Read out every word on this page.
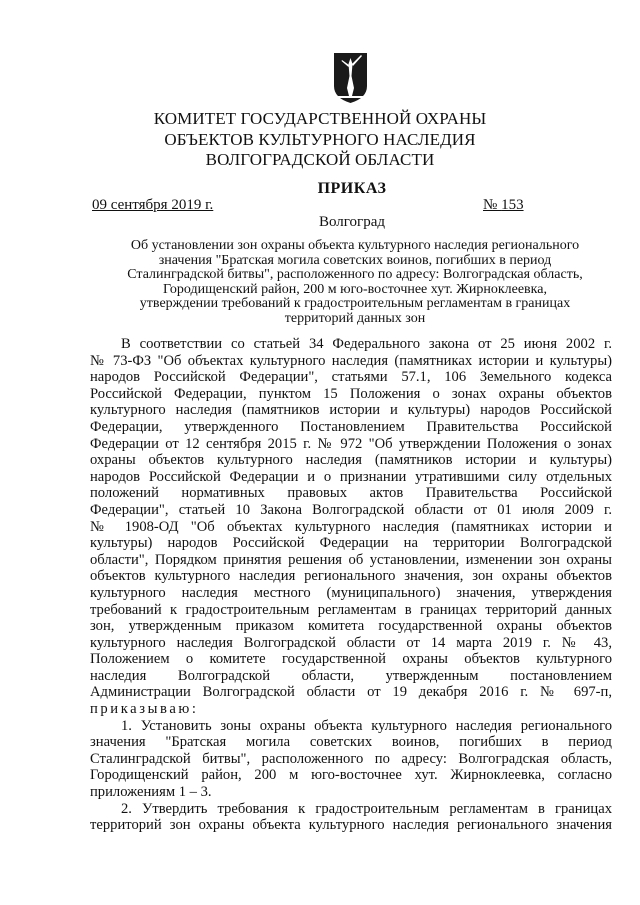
КОМИТЕТ ГОСУДАРСТВЕННОЙ ОХРАНЫ
ОБЪЕКТОВ КУЛЬТУРНОГО НАСЛЕДИЯ
ВОЛГОГРАДСКОЙ ОБЛАСТИ
ПРИКАЗ
09 сентября 2019 г.	№ 153
Волгоград
Об установлении зон охраны объекта культурного наследия регионального
значения "Братская могила советских воинов, погибших в период
Сталинградской битвы", расположенного по адресу: Волгоградская область,
Городищенский район, 200 м юго-восточнее хут. Жирноклеевка,
утверждении требований к градостроительным регламентам в границах
территорий данных зон
В соответствии со статьей 34 Федерального закона от 25 июня 2002 г.
№ 73-ФЗ "Об объектах культурного наследия (памятниках истории и культуры)
народов Российской Федерации", статьями 57.1, 106 Земельного кодекса
Российской Федерации, пунктом 15 Положения о зонах охраны объектов
культурного наследия (памятников истории и культуры) народов Российской
Федерации, утвержденного Постановлением Правительства Российской
Федерации от 12 сентября 2015 г. № 972 "Об утверждении Положения о зонах
охраны объектов культурного наследия (памятников истории и культуры)
народов Российской Федерации и о признании утратившими силу отдельных
положений нормативных правовых актов Правительства Российской
Федерации", статьей 10 Закона Волгоградской области от 01 июля 2009 г.
№ 1908-ОД "Об объектах культурного наследия (памятниках истории и
культуры) народов Российской Федерации на территории Волгоградской
области", Порядком принятия решения об установлении, изменении зон охраны
объектов культурного наследия регионального значения, зон охраны объектов
культурного наследия местного (муниципального) значения, утверждения
требований к градостроительным регламентам в границах территорий данных
зон, утвержденным приказом комитета государственной охраны объектов
культурного наследия Волгоградской области от 14 марта 2019 г. № 43,
Положением о комитете государственной охраны объектов культурного
наследия Волгоградской области, утвержденным постановлением
Администрации Волгоградской области от 19 декабря 2016 г. № 697-п,
приказываю:
1. Установить зоны охраны объекта культурного наследия регионального
значения "Братская могила советских воинов, погибших в период
Сталинградской битвы", расположенного по адресу: Волгоградская область,
Городищенский район, 200 м юго-восточнее хут. Жирноклеевка, согласно
приложениям 1 – 3.
2. Утвердить требования к градостроительным регламентам в границах
территорий зон охраны объекта культурного наследия регионального значения
